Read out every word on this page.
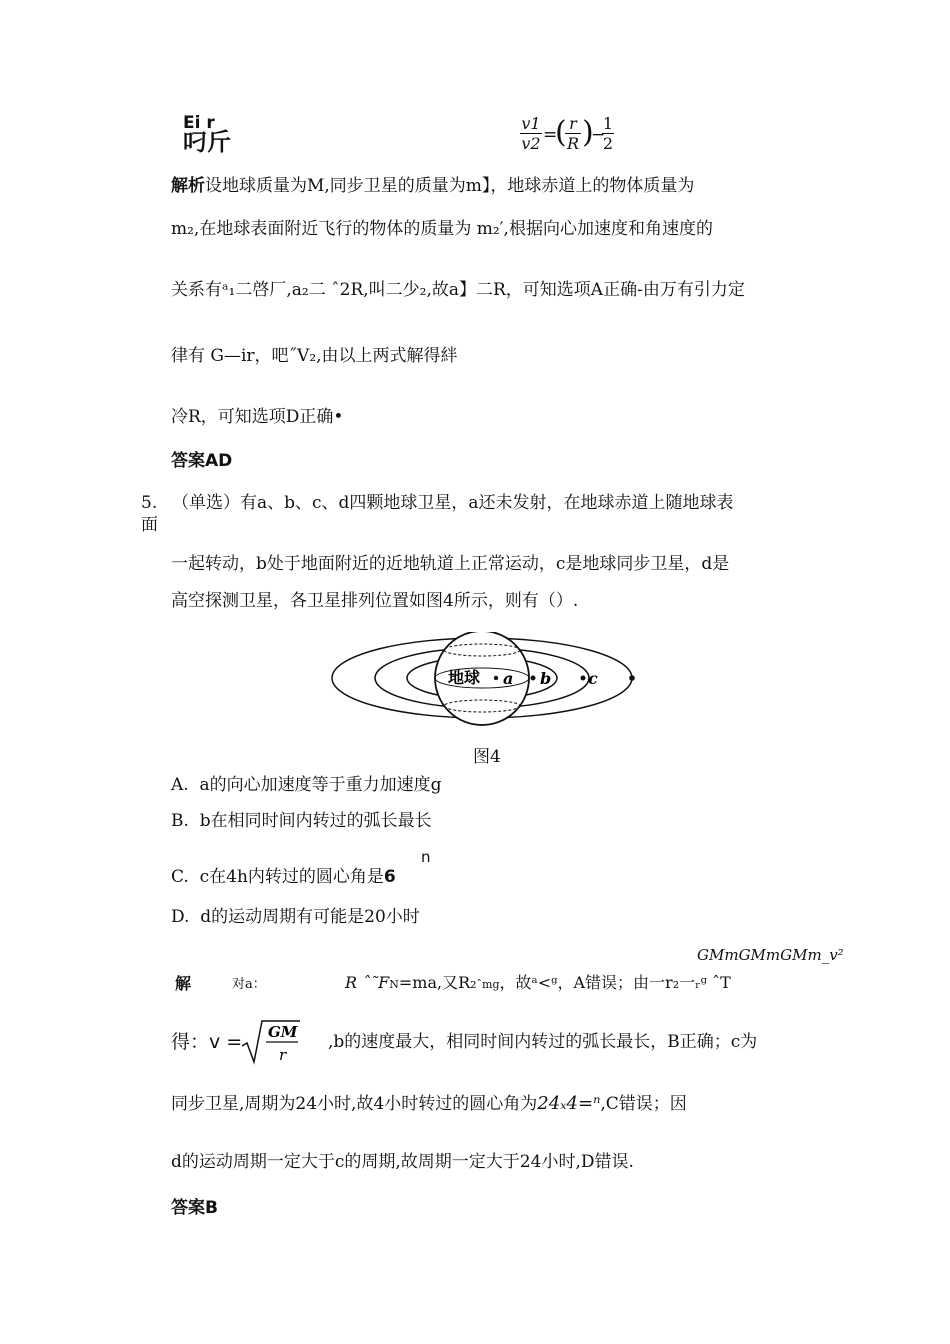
Ei r
叼斤	$\frac{v1}{v2}$ =
(
$\frac{r}{R}$ )
−
$\frac{1}{2}$
解析设地球质量为M,同步卫星的质量为m】，地球赤道上的物体质量为
m₂,在地球表面附近飞行的物体的质量为 m₂′,根据向心加速度和角速度的
关系有ᵃ₁二啓厂,a₂二 ˆ2R,叫二少₂,故a】二R，可知选项A正确-由万有引力定
律有 G—ir，吧˝V₂,由以上两式解得絆
冷R，可知选项D正确•
答案AD
5. （单选）有a、b、c、d四颗地球卫星，a还未发射，在地球赤道上随地球表
面
一起转动，b处于地面附近的近地轨道上正常运动，c是地球同步卫星，d是
高空探测卫星，各卫星排列位置如图4所示，则有（）.
地球 a b c
图4
A. a的向心加速度等于重力加速度g
B. b在相同时间内转过的弧长最长
n
C. c在4h内转过的圆心角是6
D. d的运动周期有可能是20小时
GMmGMmGMm_v²
解	对a：	R ˆ˜FN=ma,又R₂ˆmg，故ᵃ<ᵍ，A错误；由一r₂一ᵣᵍ ˆT
得：v = GM
r
,b的速度最大，相同时间内转过的弧长最长，B正确；c为
同步卫星,周期为24小时,故4小时转过的圆心角为24ₓ4=ⁿ,C错误；因
d的运动周期一定大于c的周期,故周期一定大于24小时,D错误.
答案B
